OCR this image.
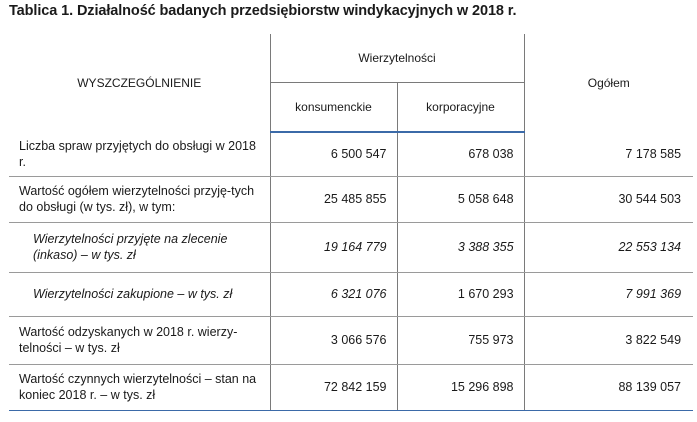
Tablica 1. Działalność badanych przedsiębiorstw windykacyjnych w 2018 r.
WYSZCZEGÓLNIENIE	Wierzytelności		Ogółem
	konsumenckie	korporacyjne	
Liczba spraw przyjętych do obsługi w 2018 r.	6 500 547	678 038	7 178 585
Wartość ogółem wierzytelności przyję-tych do obsługi (w tys. zł), w tym:	25 485 855	5 058 648	30 544 503
Wierzytelności przyjęte na zlecenie (inkaso) – w tys. zł	19 164 779	3 388 355	22 553 134
Wierzytelności zakupione – w tys. zł	6 321 076	1 670 293	7 991 369
Wartość odzyskanych w 2018 r. wierzy-telności – w tys. zł	3 066 576	755 973	3 822 549
Wartość czynnych wierzytelności – stan na koniec 2018 r. – w tys. zł	72 842 159	15 296 898	88 139 057
